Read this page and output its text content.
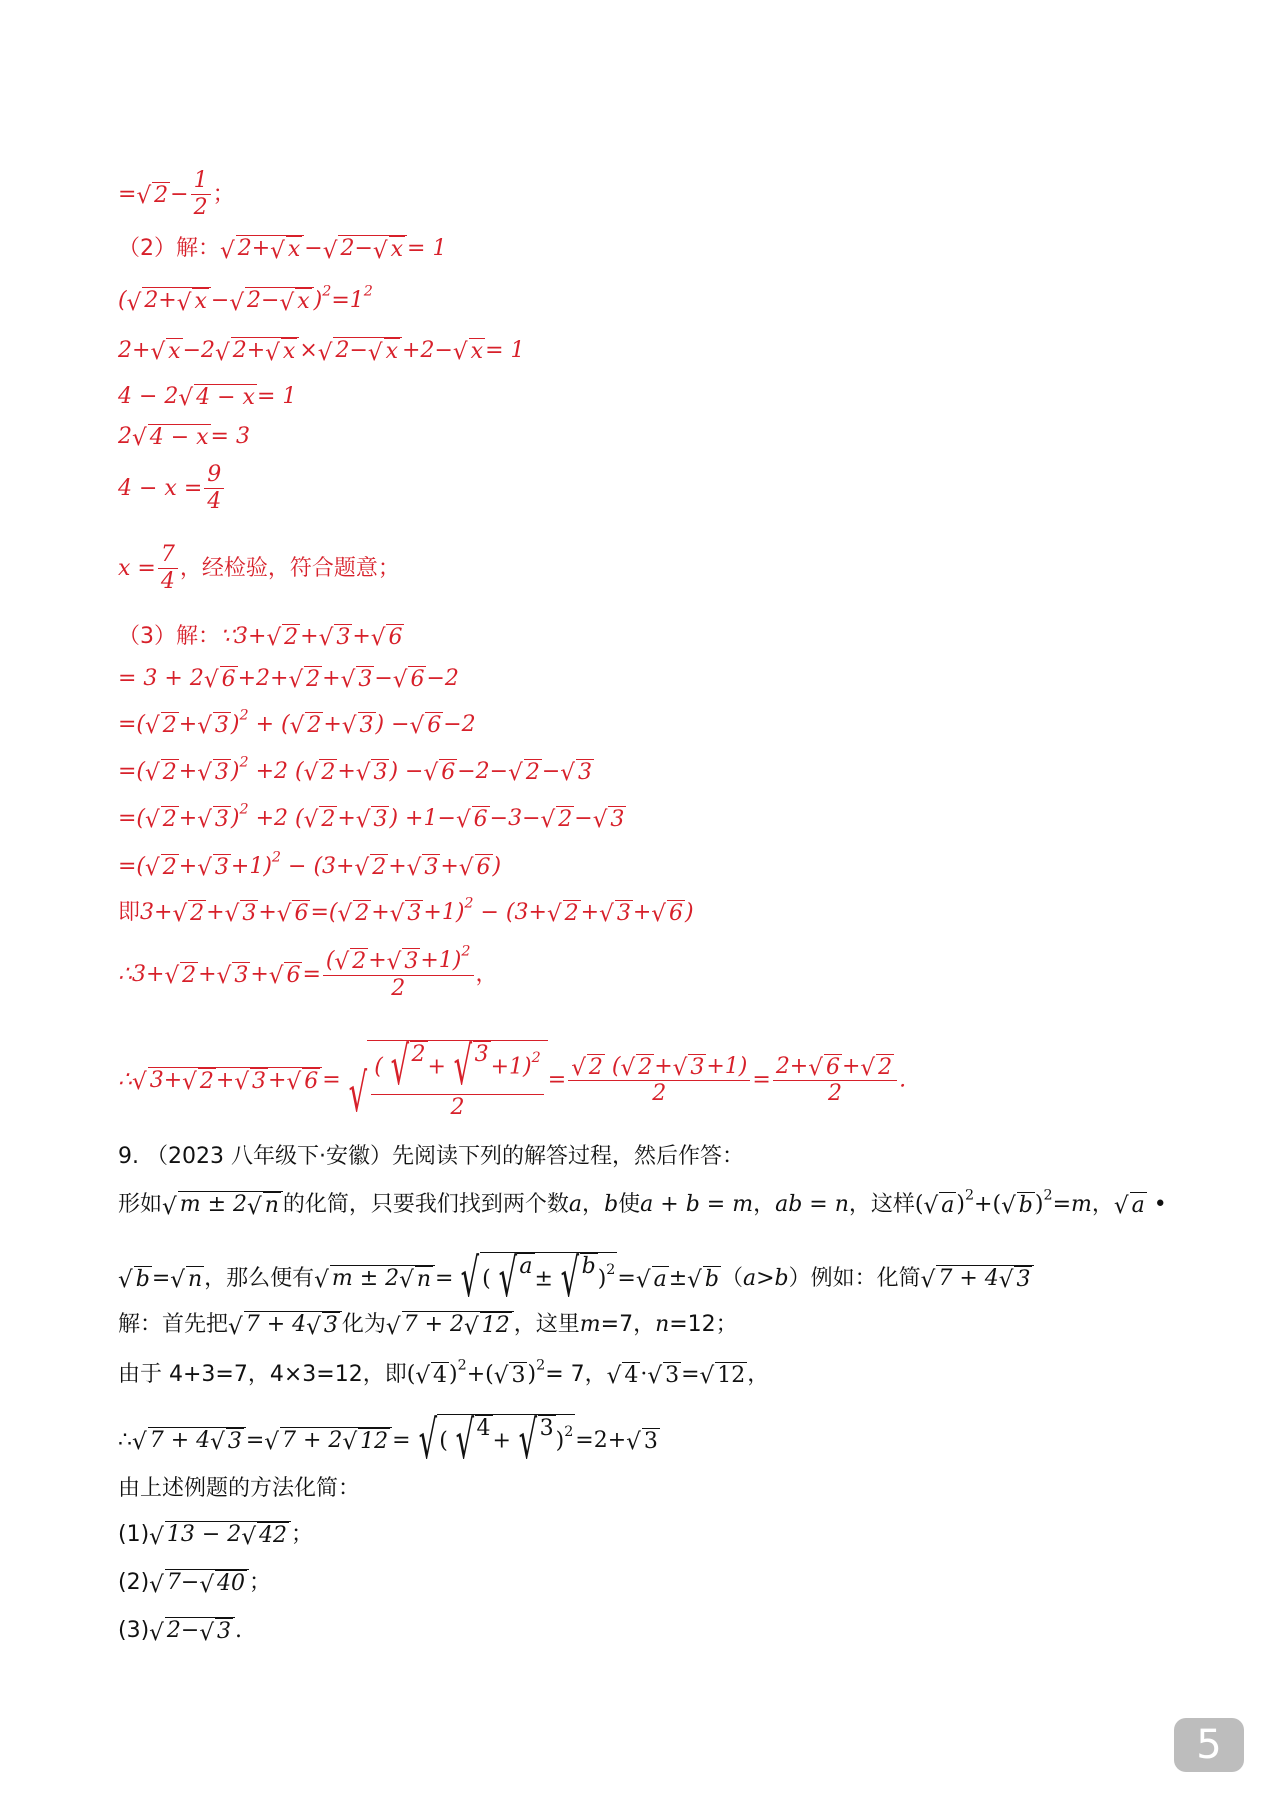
= √ $2 - \frac{1}{2}$ ；
（2）解： √ 2+ √ x − √ 2− √ x = 1
( √ 2+ √ x − √ 2− √ x )$^2=1^2$
2+ √ x −2 √ 2+ √ x × √ 2− √ x +2− √ x = 1
4 − 2 √ 4 − x = 1
2 √ 4 − x = 3
$4 - x = \frac{9}{4}$
$x = \frac{7}{4}$ ，经检验，符合题意；
（3）解：∵3+ √ 2 + √ 3 + √ 6
= 3 + 2 √ 6 +2+ √ 2 + √ 3 − √ 6 −2
=( √ 2 + √ 3 )$^2$ + ( √ 2 + √ 3 ) − √ 6 −2
=( √ 2 + √ 3 )$^2$ +2 ( √ 2 + √ 3 ) − √ 6 −2− √ 2 − √ 3
=( √ 2 + √ 3 )$^2$ +2 ( √ 2 + √ 3 ) +1− √ 6 −3− √ 2 − √ 3
=( √ 2 + √ 3 +1)$^2$ − (3+ √ 2 + √ 3 + √ 6 )
即3+ √ 2 + √ 3 + √ 6 =( √ 2 + √ 3 +1)$^2$ − (3+ √ 2 + √ 3 + √ 6 )
∴3+ √ 2 + √ 3 + √ $6 = \frac{( √ 2 + √ 3 +1)^2}{2}$ ，
∴ √ 3+ √ 2 + √ 3 + √ 6 = √ $\frac{( √ 2 + √ 3 +1)^2}{2} = \frac{√ 2 ( √ 2 + √ 3 +1)}{2} = \frac{2+ √ 6 + √ 2}{2}$ .
9. （2023 八年级下·安徽）先阅读下列的解答过程，然后作答：
形如 √ m ± 2 √ n 的化简，只要我们找到两个数a，b使a + b = m，ab = n，这样( √ a )$^2$+( √ b )$^2$=m， √ a •
√ b = √ n ，那么便有 √ m ± 2 √ n = √ ( √ a ± √ b )$^2$ = √ a ± √ b （a>b）例如：化简 √ 7 + 4 √ 3
解：首先把 √ 7 + 4 √ 3 化为 √ 7 + 2 √ 12 ，这里m=7，n=12；
由于 4+3=7，4×3=12，即( √ 4 )$^2$+( √ 3 )$^2$= 7， √ 4 · √ 3 = √ 12 ，
∴ √ 7 + 4 √ 3 = √ 7 + 2 √ 12 = √ ( √ 4 + √ 3 )$^2$ =2+ √ 3
由上述例题的方法化简：
(1) √ 13 − 2 √ 42 ；
(2) √ 7− √ 40 ；
(3) √ 2− √ 3 .
5
